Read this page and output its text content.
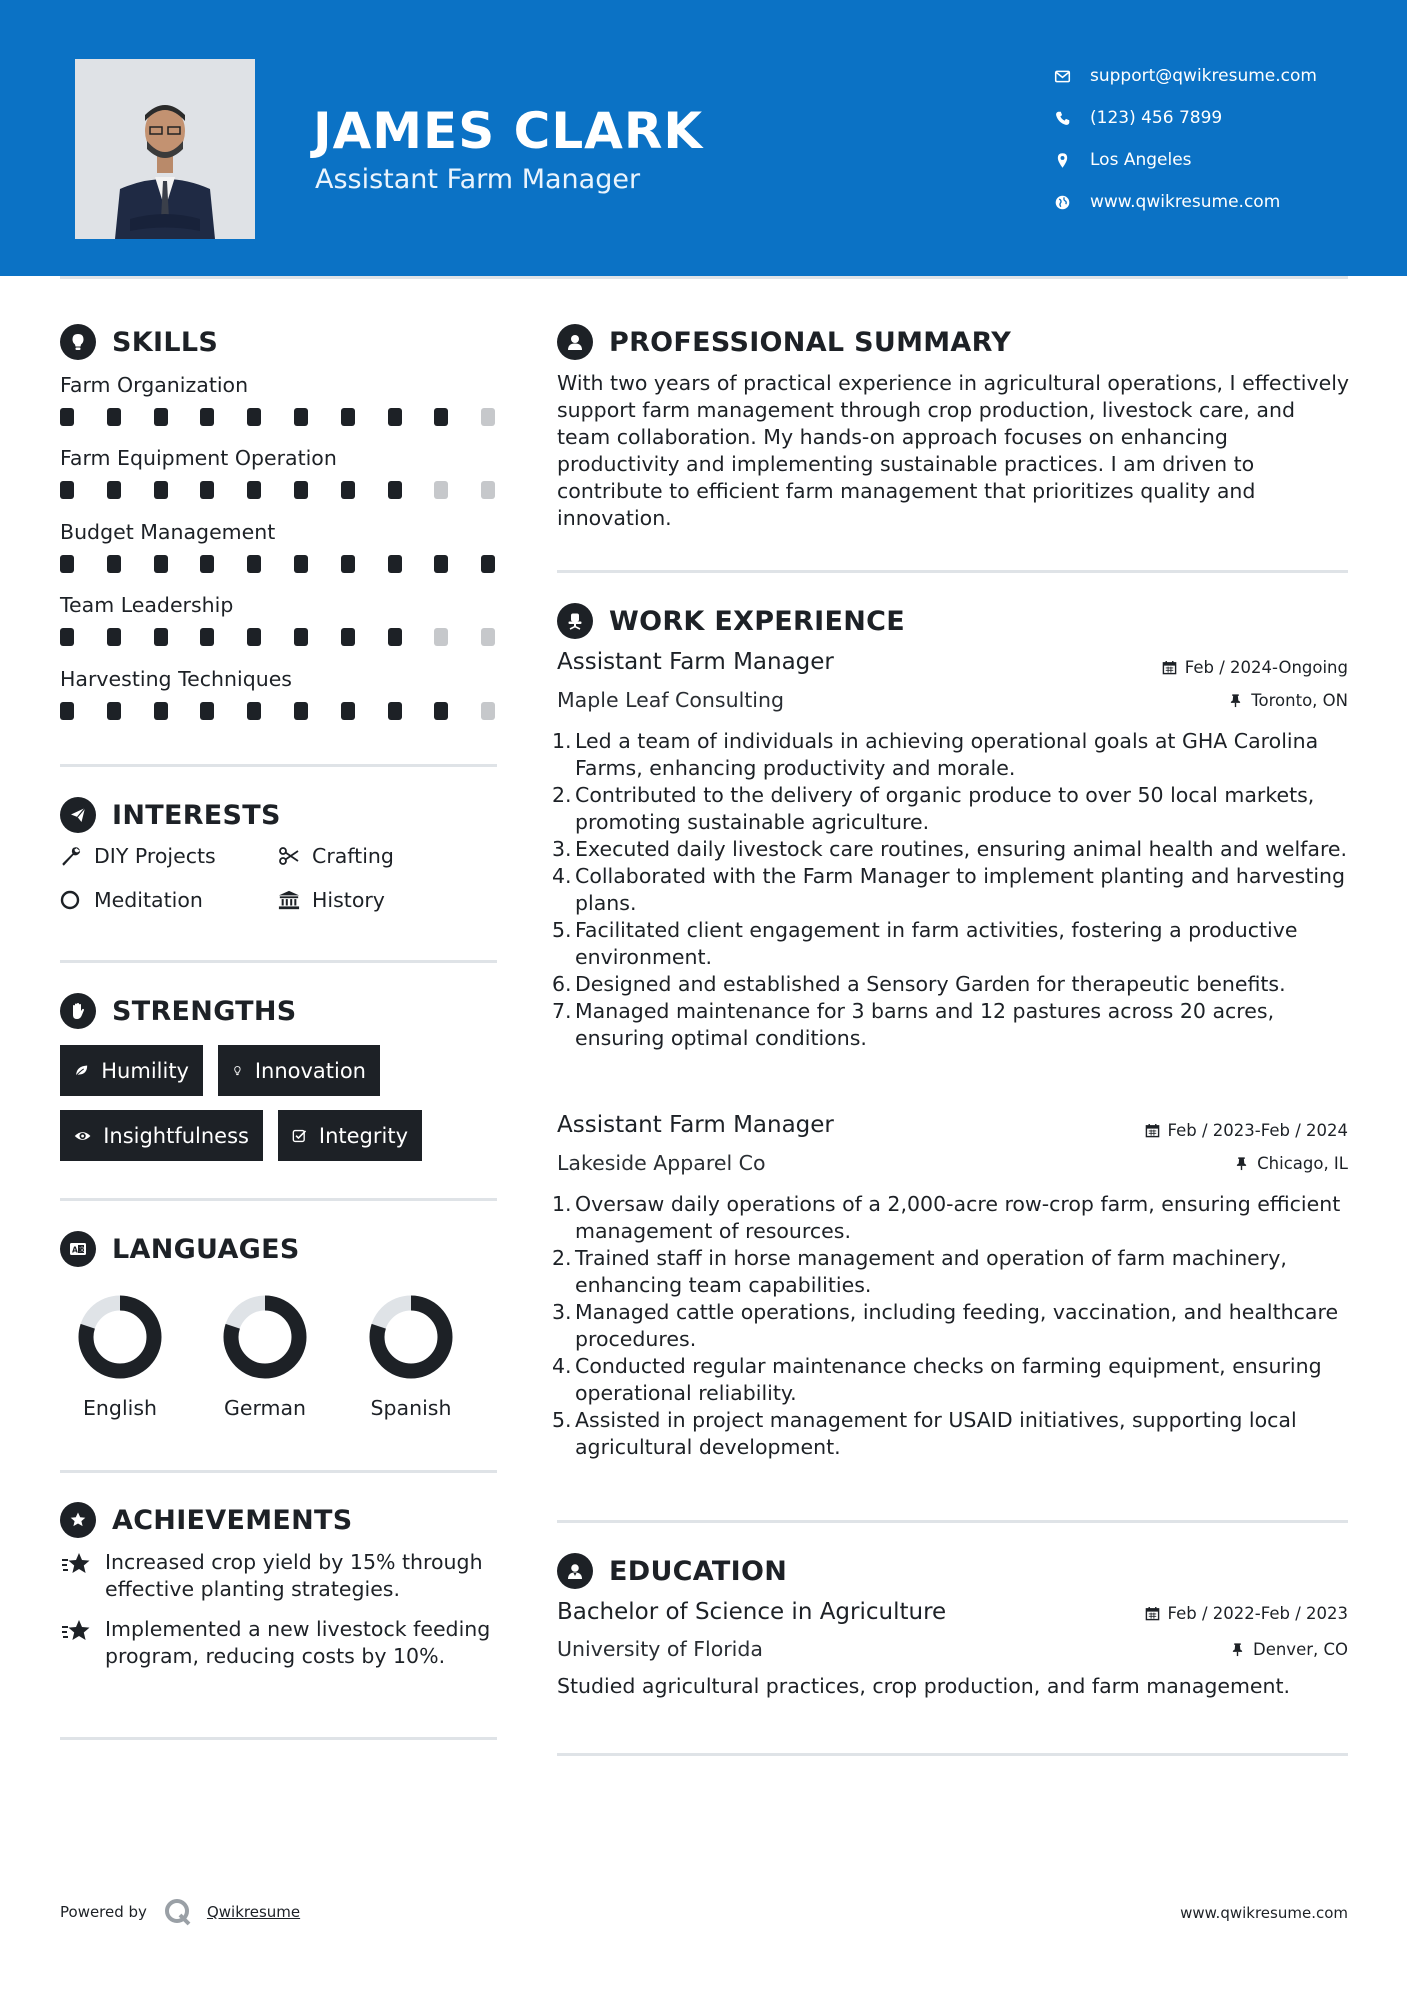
JAMES CLARK
Assistant Farm Manager
support@qwikresume.com
(123) 456 7899
Los Angeles
www.qwikresume.com
SKILLS
Farm Organization
Farm Equipment Operation
Budget Management
Team Leadership
Harvesting Techniques
INTERESTS
DIY Projects	Crafting
Meditation	History
STRENGTHS
Humility	Innovation
Insightfulness	Integrity
A 文 LANGUAGES
English	German	Spanish
ACHIEVEMENTS
Increased crop yield by 15% through effective planting strategies.
Implemented a new livestock feeding program, reducing costs by 10%.
PROFESSIONAL SUMMARY
With two years of practical experience in agricultural operations, I effectively support farm management through crop production, livestock care, and team collaboration. My hands-on approach focuses on enhancing productivity and implementing sustainable practices. I am driven to contribute to efficient farm management that prioritizes quality and innovation.
WORK EXPERIENCE
Assistant Farm Manager	Feb / 2024-Ongoing
Maple Leaf Consulting	Toronto, ON
1. Led a team of individuals in achieving operational goals at GHA Carolina Farms, enhancing productivity and morale.
2. Contributed to the delivery of organic produce to over 50 local markets, promoting sustainable agriculture.
3. Executed daily livestock care routines, ensuring animal health and welfare.
4. Collaborated with the Farm Manager to implement planting and harvesting plans.
5. Facilitated client engagement in farm activities, fostering a productive environment.
6. Designed and established a Sensory Garden for therapeutic benefits.
7. Managed maintenance for 3 barns and 12 pastures across 20 acres, ensuring optimal conditions.
Assistant Farm Manager	Feb / 2023-Feb / 2024
Lakeside Apparel Co	Chicago, IL
1. Oversaw daily operations of a 2,000-acre row-crop farm, ensuring efficient management of resources.
2. Trained staff in horse management and operation of farm machinery, enhancing team capabilities.
3. Managed cattle operations, including feeding, vaccination, and healthcare procedures.
4. Conducted regular maintenance checks on farming equipment, ensuring operational reliability.
5. Assisted in project management for USAID initiatives, supporting local agricultural development.
EDUCATION
Bachelor of Science in Agriculture	Feb / 2022-Feb / 2023
University of Florida	Denver, CO
Studied agricultural practices, crop production, and farm management.
Powered by	Qwikresume	www.qwikresume.com
